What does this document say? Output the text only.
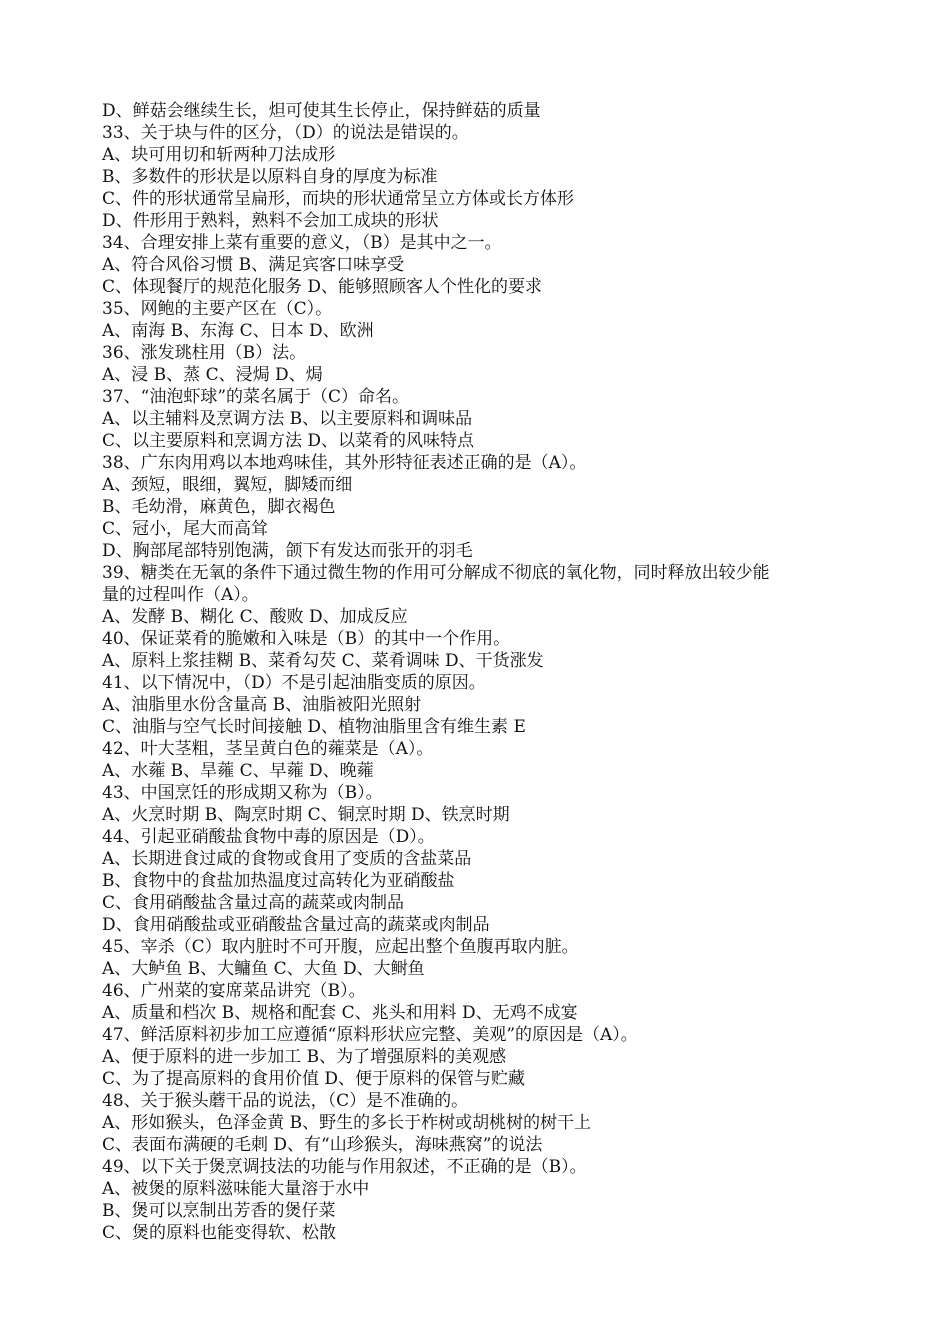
D、鲜菇会继续生长，炟可使其生长停止，保持鲜菇的质量
33、关于块与件的区分，（D）的说法是错误的。
A、块可用切和斩两种刀法成形
B、多数件的形状是以原料自身的厚度为标准
C、件的形状通常呈扁形，而块的形状通常呈立方体或长方体形
D、件形用于熟料，熟料不会加工成块的形状
34、合理安排上菜有重要的意义，（B）是其中之一。
A、符合风俗习惯 B、满足宾客口味享受
C、体现餐厅的规范化服务 D、能够照顾客人个性化的要求
35、网鲍的主要产区在（C）。
A、南海 B、东海 C、日本 D、欧洲
36、涨发珧柱用（B）法。
A、浸 B、蒸 C、浸焗 D、焗
37、“油泡虾球”的菜名属于（C）命名。
A、以主辅料及烹调方法 B、以主要原料和调味品
C、以主要原料和烹调方法 D、以菜肴的风味特点
38、广东肉用鸡以本地鸡味佳，其外形特征表述正确的是（A）。
A、颈短，眼细，翼短，脚矮而细
B、毛幼滑，麻黄色，脚衣褐色
C、冠小，尾大而高耸
D、胸部尾部特别饱满，颌下有发达而张开的羽毛
39、糖类在无氧的条件下通过微生物的作用可分解成不彻底的氧化物，同时释放出较少能
量的过程叫作（A）。
A、发酵 B、糊化 C、酸败 D、加成反应
40、保证菜肴的脆嫩和入味是（B）的其中一个作用。
A、原料上浆挂糊 B、菜肴勾芡 C、菜肴调味 D、干货涨发
41、以下情况中，（D）不是引起油脂变质的原因。
A、油脂里水份含量高 B、油脂被阳光照射
C、油脂与空气长时间接触 D、植物油脂里含有维生素 E
42、叶大茎粗，茎呈黄白色的蕹菜是（A）。
A、水蕹 B、旱蕹 C、早蕹 D、晚蕹
43、中国烹饪的形成期又称为（B）。
A、火烹时期 B、陶烹时期 C、铜烹时期 D、铁烹时期
44、引起亚硝酸盐食物中毒的原因是（D）。
A、长期进食过咸的食物或食用了变质的含盐菜品
B、食物中的食盐加热温度过高转化为亚硝酸盐
C、食用硝酸盐含量过高的蔬菜或肉制品
D、食用硝酸盐或亚硝酸盐含量过高的蔬菜或肉制品
45、宰杀（C）取内脏时不可开腹，应起出整个鱼腹再取内脏。
A、大鲈鱼 B、大鳙鱼 C、大鱼 D、大鲥鱼
46、广州菜的宴席菜品讲究（B）。
A、质量和档次 B、规格和配套 C、兆头和用料 D、无鸡不成宴
47、鲜活原料初步加工应遵循“原料形状应完整、美观”的原因是（A）。
A、便于原料的进一步加工 B、为了增强原料的美观感
C、为了提高原料的食用价值 D、便于原料的保管与贮藏
48、关于猴头蘑干品的说法，（C）是不准确的。
A、形如猴头，色泽金黄 B、野生的多长于柞树或胡桃树的树干上
C、表面布满硬的毛刺 D、有“山珍猴头，海味燕窝”的说法
49、以下关于煲烹调技法的功能与作用叙述，不正确的是（B）。
A、被煲的原料滋味能大量溶于水中
B、煲可以烹制出芳香的煲仔菜
C、煲的原料也能变得软、松散
